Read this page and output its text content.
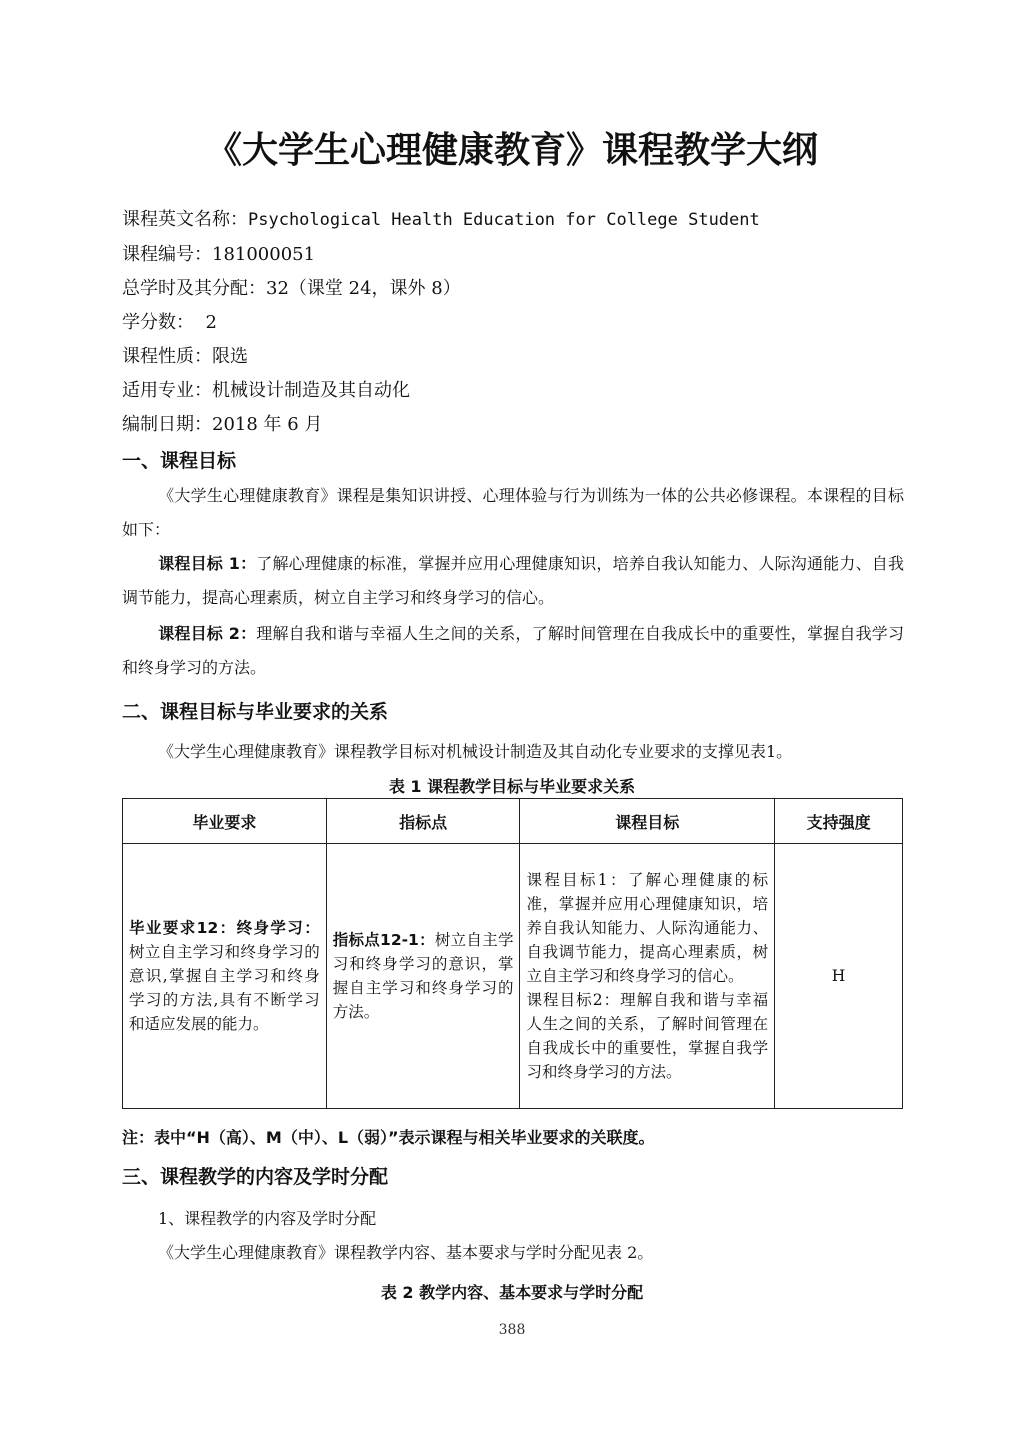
《大学生心理健康教育》课程教学大纲
课程英文名称：Psychological Health Education for College Student
课程编号：181000051
总学时及其分配：32（课堂 24，课外 8）
学分数：  2
课程性质：限选
适用专业：机械设计制造及其自动化
编制日期：2018 年 6 月
一、课程目标
《大学生心理健康教育》课程是集知识讲授、心理体验与行为训练为一体的公共必修课程。本课程的目标如下：
课程目标 1：了解心理健康的标准，掌握并应用心理健康知识，培养自我认知能力、人际沟通能力、自我调节能力，提高心理素质，树立自主学习和终身学习的信心。
课程目标 2：理解自我和谐与幸福人生之间的关系，了解时间管理在自我成长中的重要性，掌握自我学习和终身学习的方法。
二、课程目标与毕业要求的关系
《大学生心理健康教育》课程教学目标对机械设计制造及其自动化专业要求的支撑见表1。
表 1 课程教学目标与毕业要求关系
毕业要求	指标点	课程目标	支持强度
毕业要求12：终身学习：树立自主学习和终身学习的意识,掌握自主学习和终身学习的方法,具有不断学习和适应发展的能力。	指标点12-1：树立自主学习和终身学习的意识，掌握自主学习和终身学习的方法。	课程目标1：了解心理健康的标准，掌握并应用心理健康知识，培养自我认知能力、人际沟通能力、自我调节能力，提高心理素质，树立自主学习和终身学习的信心。
课程目标2：理解自我和谐与幸福人生之间的关系，了解时间管理在自我成长中的重要性，掌握自我学习和终身学习的方法。	H
注：表中“H（高）、M（中）、L（弱）”表示课程与相关毕业要求的关联度。
三、课程教学的内容及学时分配
1、课程教学的内容及学时分配
《大学生心理健康教育》课程教学内容、基本要求与学时分配见表 2。
表 2 教学内容、基本要求与学时分配
388
